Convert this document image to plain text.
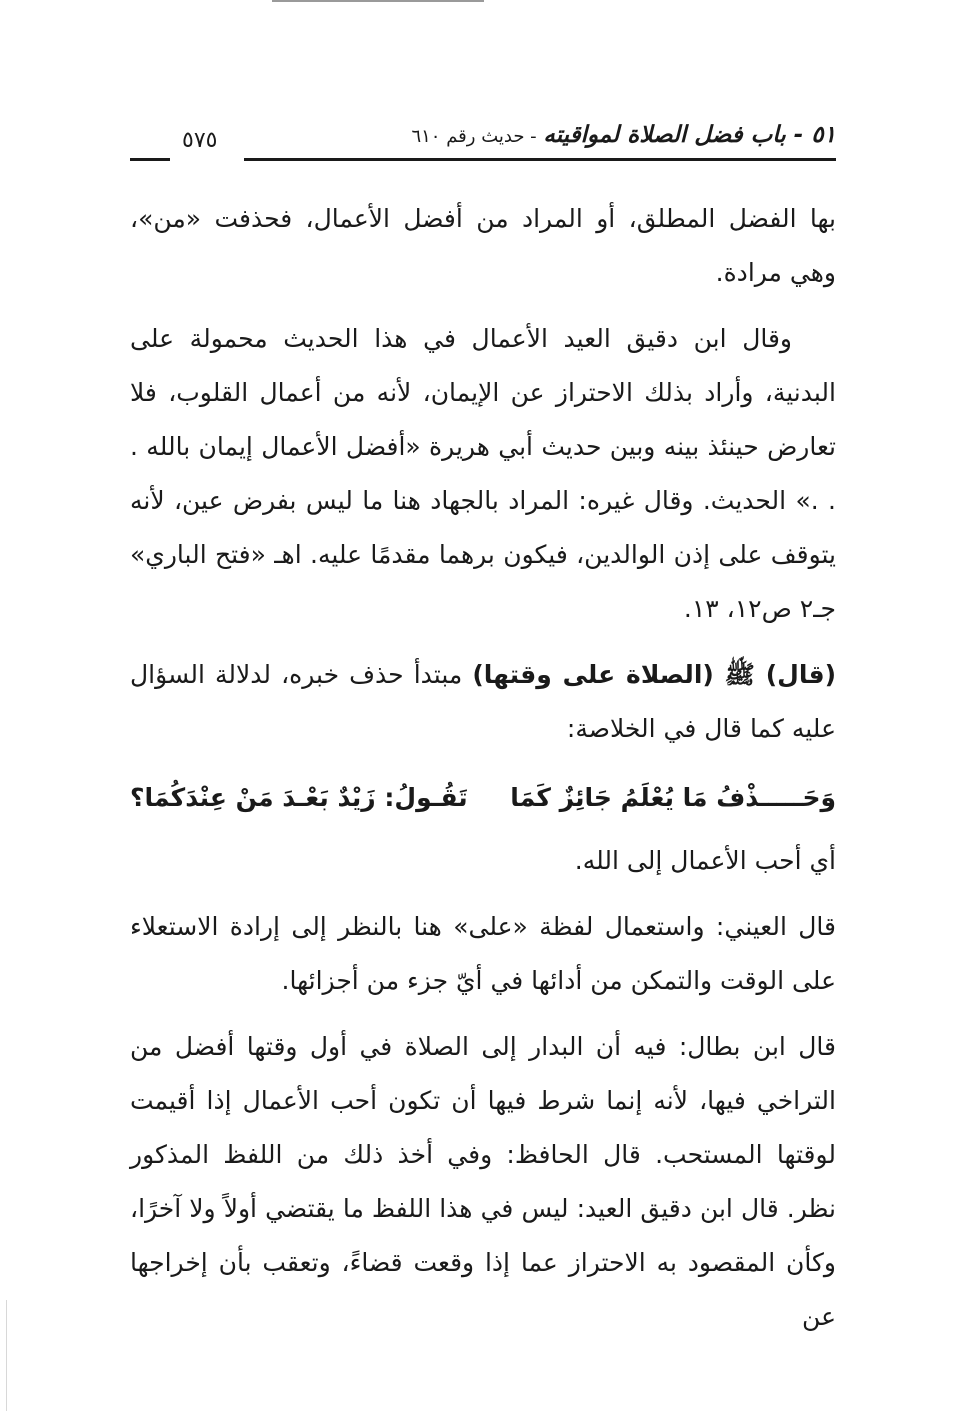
٥١ - باب فضل الصلاة لمواقيته - حديث رقم ٦١٠
٥٧٥

بها الفضل المطلق، أو المراد من أفضل الأعمال، فحذفت «من»، وهي مرادة.

وقال ابن دقيق العيد الأعمال في هذا الحديث محمولة على البدنية، وأراد بذلك الاحتراز عن الإيمان، لأنه من أعمال القلوب، فلا تعارض حينئذ بينه وبين حديث أبي هريرة «أفضل الأعمال إيمان بالله . . .» الحديث. وقال غيره: المراد بالجهاد هنا ما ليس بفرض عين، لأنه يتوقف على إذن الوالدين، فيكون برهما مقدمًا عليه. اهـ «فتح الباري» جـ٢ ص١٢، ١٣.

(قال) ﷺ (الصلاة على وقتها) مبتدأ حذف خبره، لدلالة السؤال عليه كما قال في الخلاصة:

وَحَـــــذْفُ مَا يُعْلَمُ جَائِزٌ كَمَا
تَقُـولُ: زَيْدٌ بَعْـدَ مَنْ عِنْدَكُمَا؟

أي أحب الأعمال إلى الله.

قال العيني: واستعمال لفظة «على» هنا بالنظر إلى إرادة الاستعلاء على الوقت والتمكن من أدائها في أيّ جزء من أجزائها.

قال ابن بطال: فيه أن البدار إلى الصلاة في أول وقتها أفضل من التراخي فيها، لأنه إنما شرط فيها أن تكون أحب الأعمال إذا أقيمت لوقتها المستحب. قال الحافظ: وفي أخذ ذلك من اللفظ المذكور نظر. قال ابن دقيق العيد: ليس في هذا اللفظ ما يقتضي أولاً ولا آخرًا، وكأن المقصود به الاحتراز عما إذا وقعت قضاءً، وتعقب بأن إخراجها عن
